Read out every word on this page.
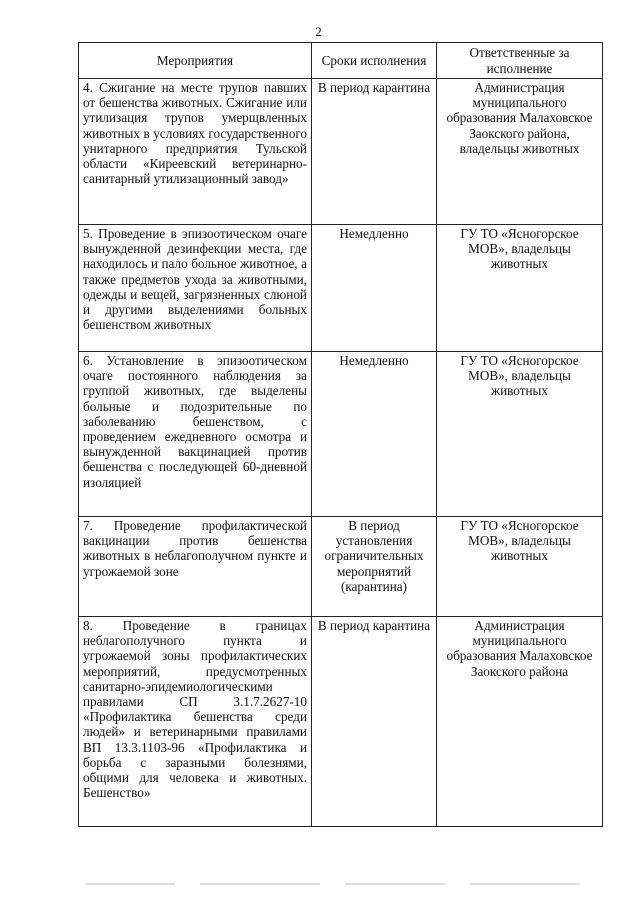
2
Мероприятия	Сроки исполнения	Ответственные за исполнение
4. Сжигание на месте трупов павших от бешенства животных. Сжигание или утилизация трупов умерщвленных животных в условиях государственного унитарного предприятия Тульской области «Киреевский ветеринарно-санитарный утилизационный завод»	В период карантина	Администрация муниципального образования Малаховское Заокского района, владельцы животных
5. Проведение в эпизоотическом очаге вынужденной дезинфекции места, где находилось и пало больное животное, а также предметов ухода за животными, одежды и вещей, загрязненных слюной и другими выделениями больных бешенством животных	Немедленно	ГУ ТО «Ясногорское МОВ», владельцы животных
6. Установление в эпизоотическом очаге постоянного наблюдения за группой животных, где выделены больные и подозрительные по заболеванию бешенством, с проведением ежедневного осмотра и вынужденной вакцинацией против бешенства с последующей 60-дневной изоляцией	Немедленно	ГУ ТО «Ясногорское МОВ», владельцы животных
7. Проведение профилактической вакцинации против бешенства животных в неблагополучном пункте и угрожаемой зоне	В период установления ограничительных мероприятий (карантина)	ГУ ТО «Ясногорское МОВ», владельцы животных
8. Проведение в границах неблагополучного пункта и угрожаемой зоны профилактических мероприятий, предусмотренных санитарно-эпидемиологическими правилами СП 3.1.7.2627-10 «Профилактика бешенства среди людей» и ветеринарными правилами ВП 13.3.1103-96 «Профилактика и борьба с заразными болезнями, общими для человека и животных. Бешенство»	В период карантина	Администрация муниципального образования Малаховское Заокского района
